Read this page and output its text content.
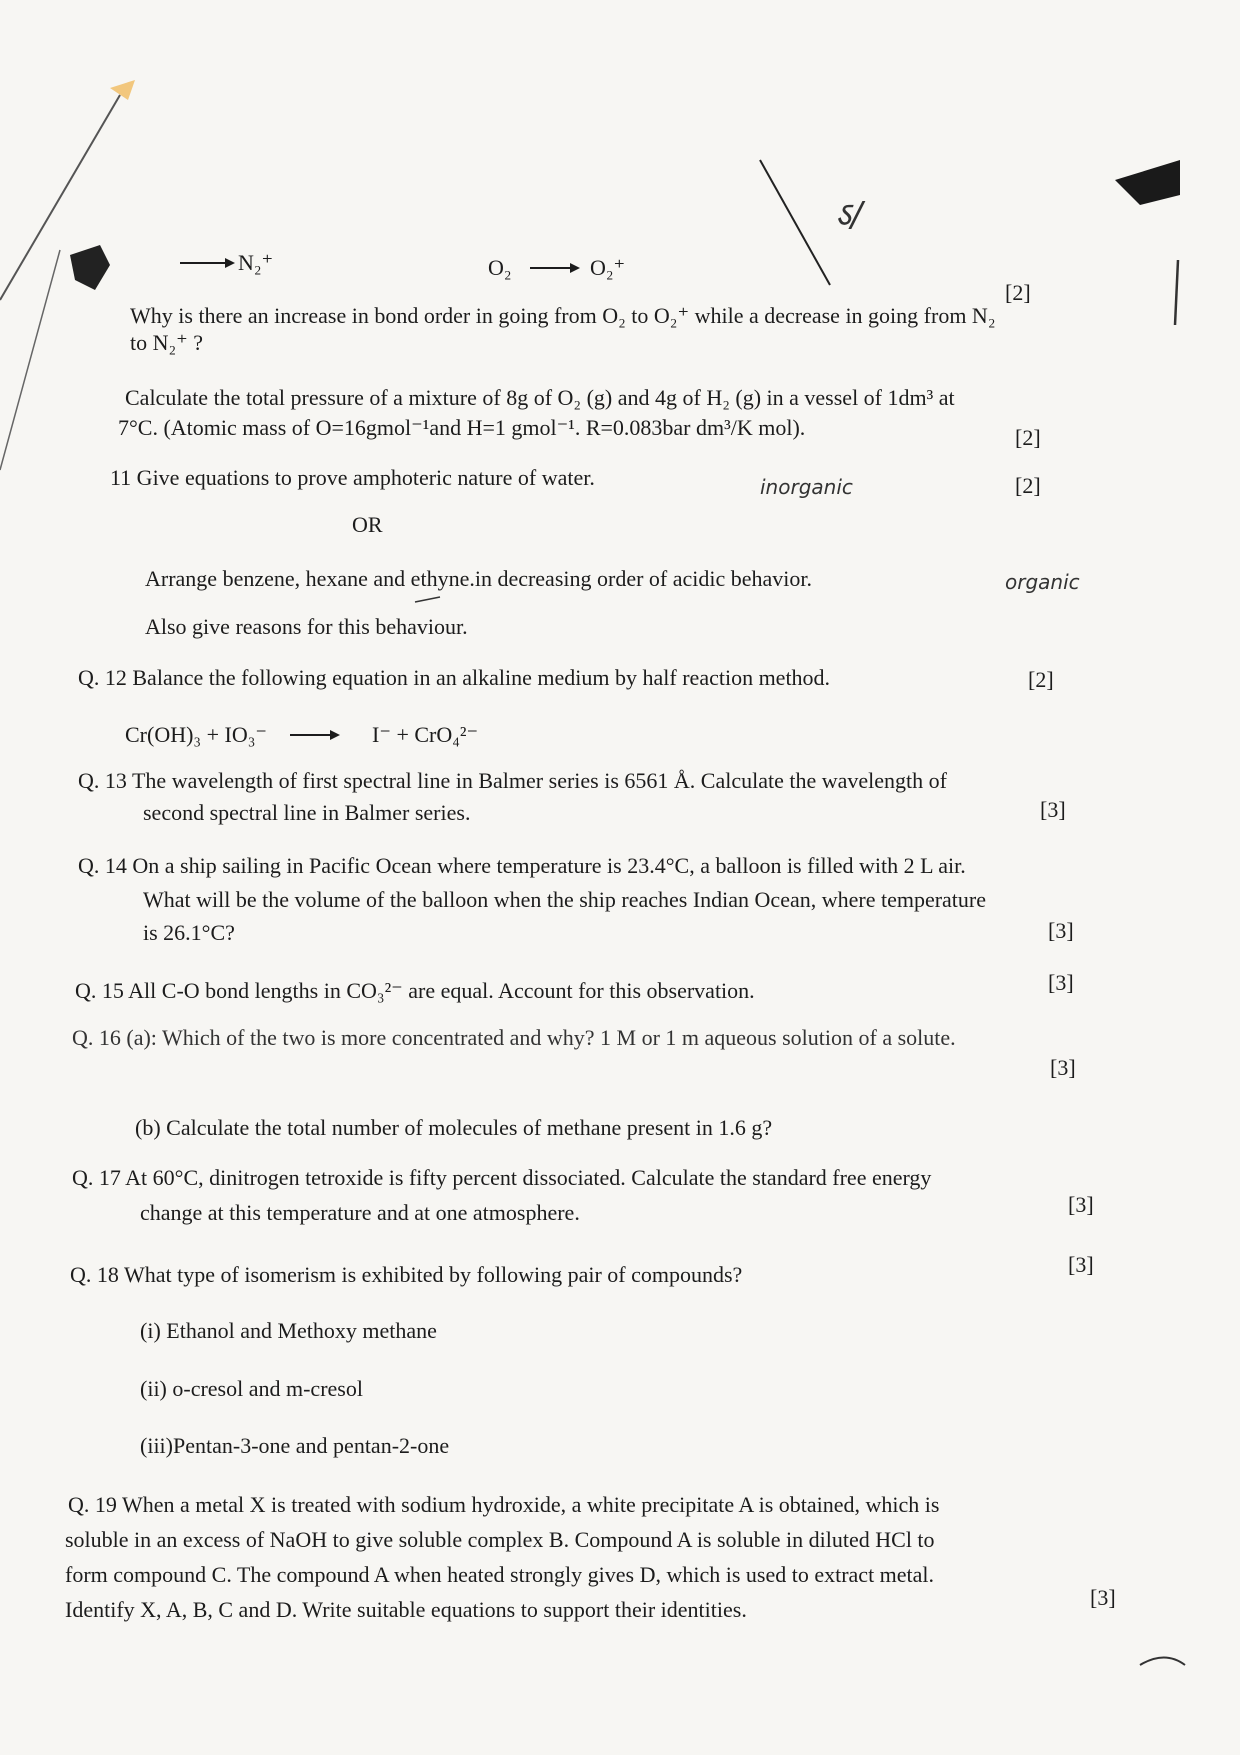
N₂⁺	O₂	O₂⁺
ऽ/
[2]
Why is there an increase in bond order in going from O₂ to O₂⁺ while a decrease in going from N₂
to N₂⁺ ?
Calculate the total pressure of a mixture of 8g of O₂ (g) and 4g of H₂ (g) in a vessel of 1dm³ at
7°C. (Atomic mass of O=16gmol⁻¹and H=1 gmol⁻¹. R=0.083bar dm³/K mol).	[2]
11 Give equations to prove amphoteric nature of water.	inorganic	[2]
OR
Arrange benzene, hexane and ethyne.in decreasing order of acidic behavior.	organic
Also give reasons for this behaviour.
Q. 12 Balance the following equation in an alkaline medium by half reaction method.	[2]
Cr(OH)₃ + IO₃⁻	I⁻ + CrO₄²⁻
Q. 13 The wavelength of first spectral line in Balmer series is 6561 Å. Calculate the wavelength of
second spectral line in Balmer series.	[3]
Q. 14 On a ship sailing in Pacific Ocean where temperature is 23.4°C, a balloon is filled with 2 L air.
What will be the volume of the balloon when the ship reaches Indian Ocean, where temperature
is 26.1°C?	[3]
Q. 15 All C-O bond lengths in CO₃²⁻ are equal. Account for this observation.	[3]
Q. 16 (a): Which of the two is more concentrated and why? 1 M or 1 m aqueous solution of a solute.
[3]
(b) Calculate the total number of molecules of methane present in 1.6 g?
Q. 17 At 60°C, dinitrogen tetroxide is fifty percent dissociated. Calculate the standard free energy
change at this temperature and at one atmosphere.	[3]
Q. 18 What type of isomerism is exhibited by following pair of compounds?	[3]
(i) Ethanol and Methoxy methane
(ii) o-cresol and m-cresol
(iii)Pentan-3-one and pentan-2-one
Q. 19 When a metal X is treated with sodium hydroxide, a white precipitate A is obtained, which is
soluble in an excess of NaOH to give soluble complex B. Compound A is soluble in diluted HCl to
form compound C. The compound A when heated strongly gives D, which is used to extract metal.
Identify X, A, B, C and D. Write suitable equations to support their identities.	[3]
